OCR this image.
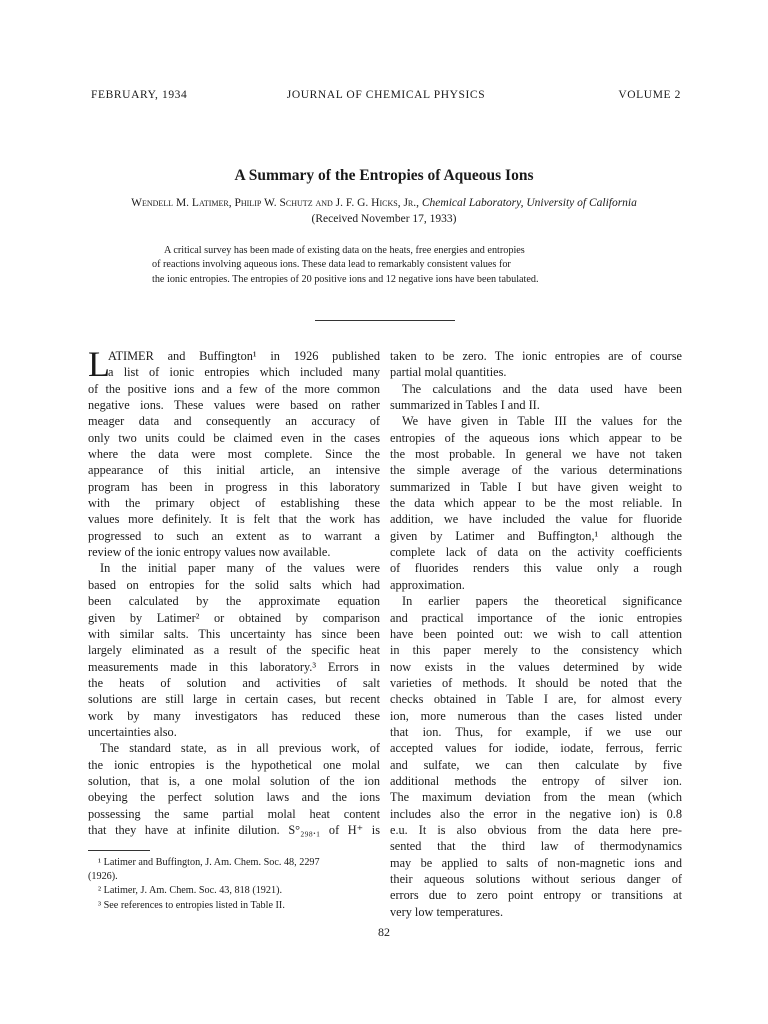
FEBRUARY, 1934	JOURNAL OF CHEMICAL PHYSICS	VOLUME 2
A Summary of the Entropies of Aqueous Ions
Wendell M. Latimer, Philip W. Schutz and J. F. G. Hicks, Jr., Chemical Laboratory, University of California
(Received November 17, 1933)
A critical survey has been made of existing data on the heats, free energies and entropies
of reactions involving aqueous ions. These data lead to remarkably consistent values for
the ionic entropies. The entropies of 20 positive ions and 12 negative ions have been tabulated.
L
ATIMER and Buffington¹ in 1926 published
a list of ionic entropies which included many
of the positive ions and a few of the more common
negative ions. These values were based on rather
meager data and consequently an accuracy of
only two units could be claimed even in the cases
where the data were most complete. Since the
appearance of this initial article, an intensive
program has been in progress in this laboratory
with the primary object of establishing these
values more definitely. It is felt that the work has
progressed to such an extent as to warrant a
review of the ionic entropy values now available.
In the initial paper many of the values were
based on entropies for the solid salts which had
been calculated by the approximate equation
given by Latimer² or obtained by comparison
with similar salts. This uncertainty has since been
largely eliminated as a result of the specific heat
measurements made in this laboratory.³ Errors in
the heats of solution and activities of salt
solutions are still large in certain cases, but recent
work by many investigators has reduced these
uncertainties also.
The standard state, as in all previous work, of
the ionic entropies is the hypothetical one molal
solution, that is, a one molal solution of the ion
obeying the perfect solution laws and the ions
possessing the same partial molal heat content
that they have at infinite dilution. S°₂₉₈.₁ of H⁺ is
taken to be zero. The ionic entropies are of course
partial molal quantities.
The calculations and the data used have been
summarized in Tables I and II.
We have given in Table III the values for the
entropies of the aqueous ions which appear to be
the most probable. In general we have not taken
the simple average of the various determinations
summarized in Table I but have given weight to
the data which appear to be the most reliable. In
addition, we have included the value for fluoride
given by Latimer and Buffington,¹ although the
complete lack of data on the activity coefficients
of fluorides renders this value only a rough
approximation.
In earlier papers the theoretical significance
and practical importance of the ionic entropies
have been pointed out: we wish to call attention
in this paper merely to the consistency which
now exists in the values determined by wide
varieties of methods. It should be noted that the
checks obtained in Table I are, for almost every
ion, more numerous than the cases listed under
that ion. Thus, for example, if we use our
accepted values for iodide, iodate, ferrous, ferric
and sulfate, we can then calculate by five
additional methods the entropy of silver ion.
The maximum deviation from the mean (which
includes also the error in the negative ion) is 0.8
e.u. It is also obvious from the data here pre-
sented that the third law of thermodynamics
may be applied to salts of non-magnetic ions and
their aqueous solutions without serious danger of
errors due to zero point entropy or transitions at
very low temperatures.
¹ Latimer and Buffington, J. Am. Chem. Soc. 48, 2297
(1926).
² Latimer, J. Am. Chem. Soc. 43, 818 (1921).
³ See references to entropies listed in Table II.
82
